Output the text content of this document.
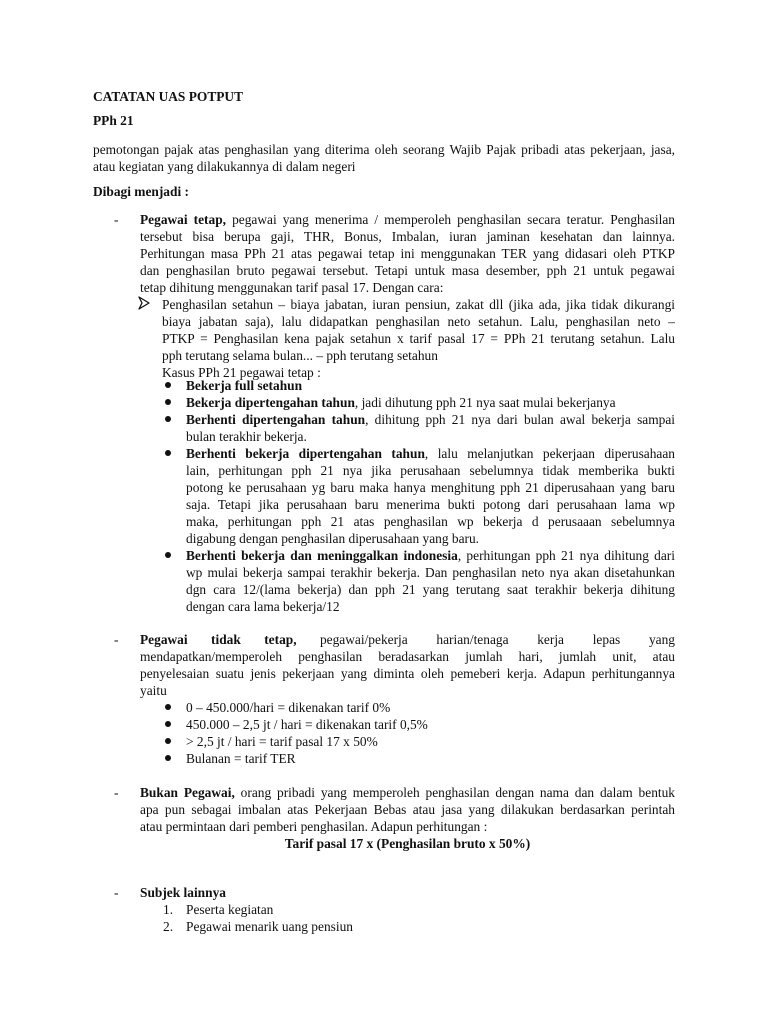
CATATAN UAS POTPUT

PPh 21

pemotongan pajak atas penghasilan yang diterima oleh seorang Wajib Pajak pribadi atas pekerjaan, jasa,

atau kegiatan yang dilakukannya di dalam negeri

Dibagi menjadi :

- Pegawai tetap, pegawai yang menerima / memperoleh penghasilan secara teratur. Penghasilan

tersebut bisa berupa gaji, THR, Bonus, Imbalan, iuran jaminan kesehatan dan lainnya.

Perhitungan masa PPh 21 atas pegawai tetap ini menggunakan TER yang didasari oleh PTKP

dan penghasilan bruto pegawai tersebut. Tetapi untuk masa desember, pph 21 untuk pegawai

tetap dihitung menggunakan tarif pasal 17. Dengan cara:

Penghasilan setahun – biaya jabatan, iuran pensiun, zakat dll (jika ada, jika tidak dikurangi

biaya jabatan saja), lalu didapatkan penghasilan neto setahun. Lalu, penghasilan neto –

PTKP = Penghasilan kena pajak setahun x tarif pasal 17 = PPh 21 terutang setahun. Lalu

pph terutang selama bulan... – pph terutang setahun

Kasus PPh 21 pegawai tetap :

Bekerja full setahun

Bekerja dipertengahan tahun, jadi dihutung pph 21 nya saat mulai bekerjanya

Berhenti dipertengahan tahun, dihitung pph 21 nya dari bulan awal bekerja sampai

bulan terakhir bekerja.

Berhenti bekerja dipertengahan tahun, lalu melanjutkan pekerjaan diperusahaan

lain, perhitungan pph 21 nya jika perusahaan sebelumnya tidak memberika bukti

potong ke perusahaan yg baru maka hanya menghitung pph 21 diperusahaan yang baru

saja. Tetapi jika perusahaan baru menerima bukti potong dari perusahaan lama wp

maka, perhitungan pph 21 atas penghasilan wp bekerja d perusaaan sebelumnya

digabung dengan penghasilan diperusahaan yang baru.

Berhenti bekerja dan meninggalkan indonesia, perhitungan pph 21 nya dihitung dari

wp mulai bekerja sampai terakhir bekerja. Dan penghasilan neto nya akan disetahunkan

dgn cara 12/(lama bekerja) dan pph 21 yang terutang saat terakhir bekerja dihitung

dengan cara lama bekerja/12

- Pegawai tidak tetap, pegawai/pekerja harian/tenaga kerja lepas yang

mendapatkan/memperoleh penghasilan beradasarkan jumlah hari, jumlah unit, atau

penyelesaian suatu jenis pekerjaan yang diminta oleh pemeberi kerja. Adapun perhitungannya

yaitu

0 – 450.000/hari = dikenakan tarif 0%

450.000 – 2,5 jt / hari = dikenakan tarif 0,5%

> 2,5 jt / hari = tarif pasal 17 x 50%

Bulanan = tarif TER

- Bukan Pegawai, orang pribadi yang memperoleh penghasilan dengan nama dan dalam bentuk

apa pun sebagai imbalan atas Pekerjaan Bebas atau jasa yang dilakukan berdasarkan perintah

atau permintaan dari pemberi penghasilan. Adapun perhitungan :

Tarif pasal 17 x (Penghasilan bruto x 50%)

- Subjek lainnya

1. Peserta kegiatan

2. Pegawai menarik uang pensiun
